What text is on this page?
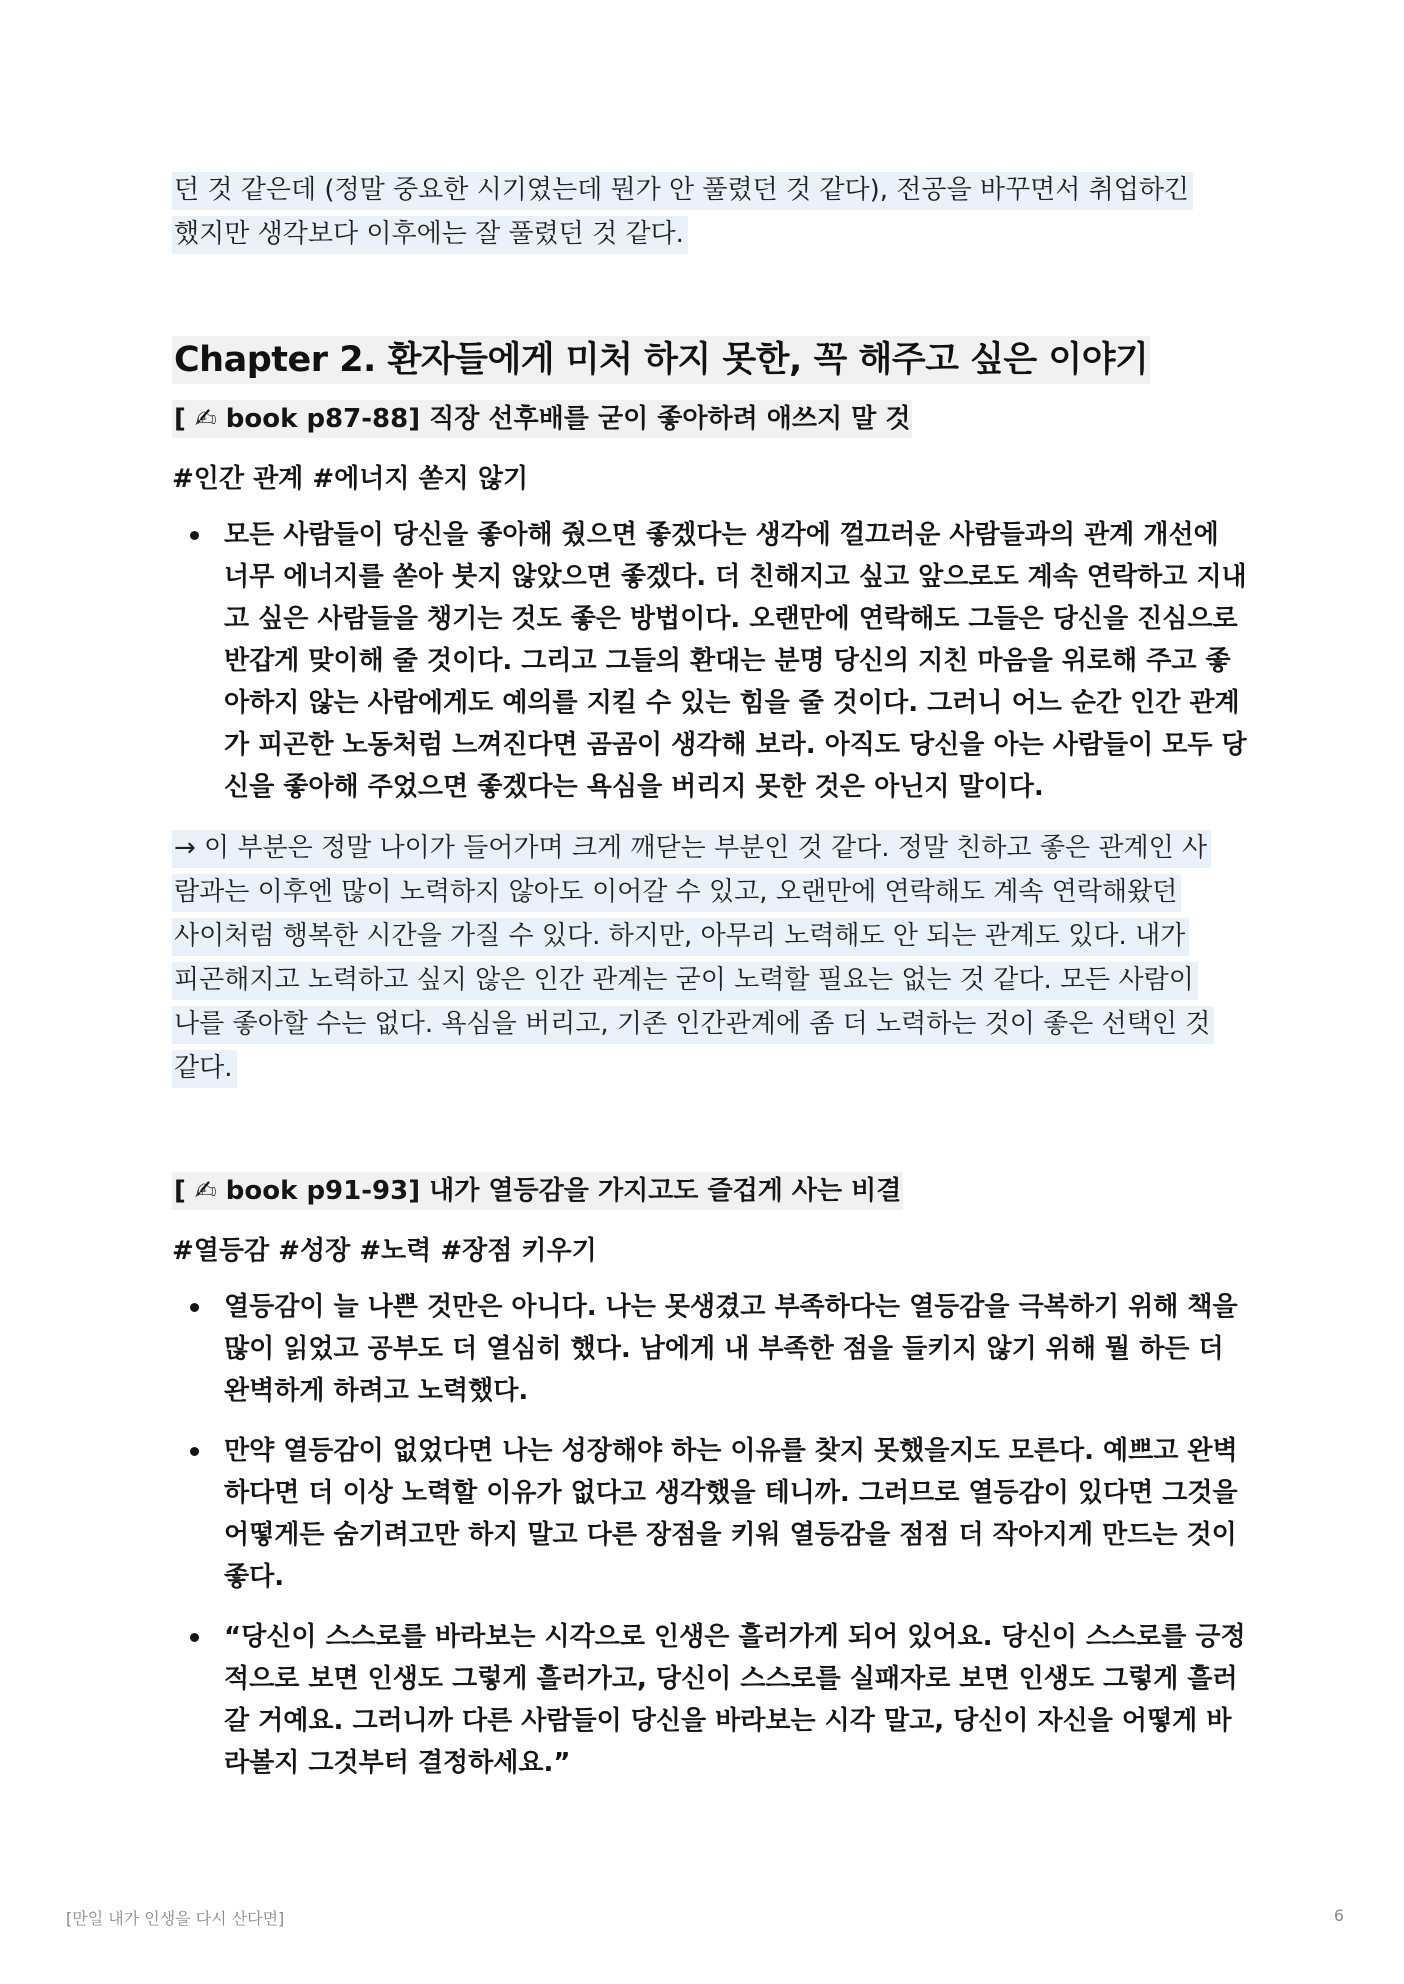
던 것 같은데 (정말 중요한 시기였는데 뭔가 안 풀렸던 것 같다), 전공을 바꾸면서 취업하긴
했지만 생각보다 이후에는 잘 풀렸던 것 같다.

Chapter 2. 환자들에게 미처 하지 못한, 꼭 해주고 싶은 이야기
[ ✍ book p87-88] 직장 선후배를 굳이 좋아하려 애쓰지 말 것

#인간 관계 #에너지 쏟지 않기

모든 사람들이 당신을 좋아해 줬으면 좋겠다는 생각에 껄끄러운 사람들과의 관계 개선에 너무 에너지를 쏟아 붓지 않았으면 좋겠다. 더 친해지고 싶고 앞으로도 계속 연락하고 지내고 싶은 사람들을 챙기는 것도 좋은 방법이다. 오랜만에 연락해도 그들은 당신을 진심으로 반갑게 맞이해 줄 것이다. 그리고 그들의 환대는 분명 당신의 지친 마음을 위로해 주고 좋아하지 않는 사람에게도 예의를 지킬 수 있는 힘을 줄 것이다. 그러니 어느 순간 인간 관계가 피곤한 노동처럼 느껴진다면 곰곰이 생각해 보라. 아직도 당신을 아는 사람들이 모두 당신을 좋아해 주었으면 좋겠다는 욕심을 버리지 못한 것은 아닌지 말이다.

→ 이 부분은 정말 나이가 들어가며 크게 깨닫는 부분인 것 같다. 정말 친하고 좋은 관계인 사
람과는 이후엔 많이 노력하지 않아도 이어갈 수 있고, 오랜만에 연락해도 계속 연락해왔던
사이처럼 행복한 시간을 가질 수 있다. 하지만, 아무리 노력해도 안 되는 관계도 있다. 내가
피곤해지고 노력하고 싶지 않은 인간 관계는 굳이 노력할 필요는 없는 것 같다. 모든 사람이
나를 좋아할 수는 없다. 욕심을 버리고, 기존 인간관계에 좀 더 노력하는 것이 좋은 선택인 것
같다.

[ ✍ book p91-93] 내가 열등감을 가지고도 즐겁게 사는 비결

#열등감 #성장 #노력 #장점 키우기

열등감이 늘 나쁜 것만은 아니다. 나는 못생겼고 부족하다는 열등감을 극복하기 위해 책을 많이 읽었고 공부도 더 열심히 했다. 남에게 내 부족한 점을 들키지 않기 위해 뭘 하든 더 완벽하게 하려고 노력했다.
만약 열등감이 없었다면 나는 성장해야 하는 이유를 찾지 못했을지도 모른다. 예쁘고 완벽하다면 더 이상 노력할 이유가 없다고 생각했을 테니까. 그러므로 열등감이 있다면 그것을 어떻게든 숨기려고만 하지 말고 다른 장점을 키워 열등감을 점점 더 작아지게 만드는 것이 좋다.
“당신이 스스로를 바라보는 시각으로 인생은 흘러가게 되어 있어요. 당신이 스스로를 긍정적으로 보면 인생도 그렇게 흘러가고, 당신이 스스로를 실패자로 보면 인생도 그렇게 흘러갈 거예요. 그러니까 다른 사람들이 당신을 바라보는 시각 말고, 당신이 자신을 어떻게 바라볼지 그것부터 결정하세요.”
[만일 내가 인생을 다시 산다면]	6
